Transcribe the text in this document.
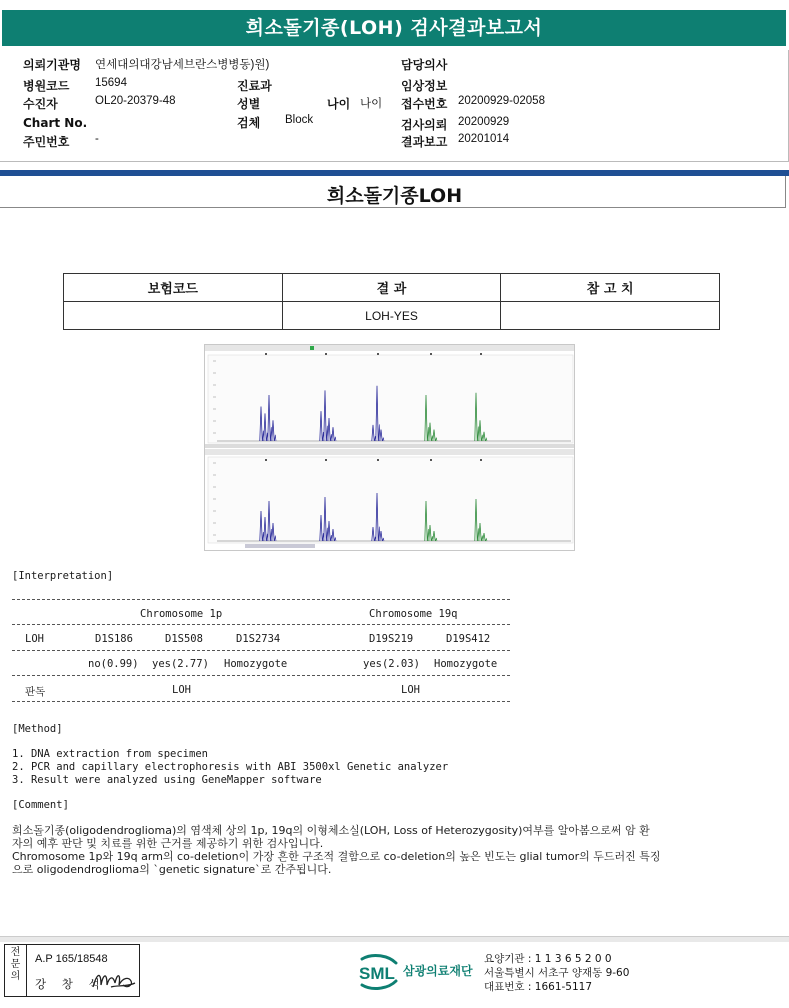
희소돌기종(LOH) 검사결과보고서
의뢰기관명 연세대의대강남세브란스병병동)원)
병원코드 15694	진료과
수진자	OL20-20379-48	성별	나이 나이
Chart No.	검체 Block
주민번호 -
담당의사
임상정보
접수번호 20200929-02058
검사의뢰 20200929
결과보고 20201014
희소돌기종LOH
보험코드	결 과	참 고 치
	LOH-YES	
[Interpretation]
Chromosome 1p	Chromosome 19q
LOH	D1S186	D1S508	D1S2734	D19S219	D19S412
no(0.99) yes(2.77) Homozygote	yes(2.03) Homozygote
판독	LOH	LOH
[Method]
1. DNA extraction from specimen
2. PCR and capillary electrophoresis with ABI 3500xl Genetic analyzer
3. Result were analyzed using GeneMapper software
[Comment]
희소돌기종(oligodendroglioma)의 염색체 상의 1p, 19q의 이형체소실(LOH, Loss of Heterozygosity)여부를 알아봄으로써 암 환
자의 예후 판단 및 치료를 위한 근거를 제공하기 위한 검사입니다.
Chromosome 1p와 19q arm의 co-deletion이 가장 흔한 구조적 결함으로 co-deletion의 높은 빈도는 glial tumor의 두드러진 특징
으로 oligodendroglioma의 `genetic signature`로 간주됩니다.
전
문
의
A.P 165/18548
강 창 석
SML 삼광의료재단
요양기관 : 1 1 3 6 5 2 0 0
서울특별시 서초구 양재동 9-60
대표번호 : 1661-5117
